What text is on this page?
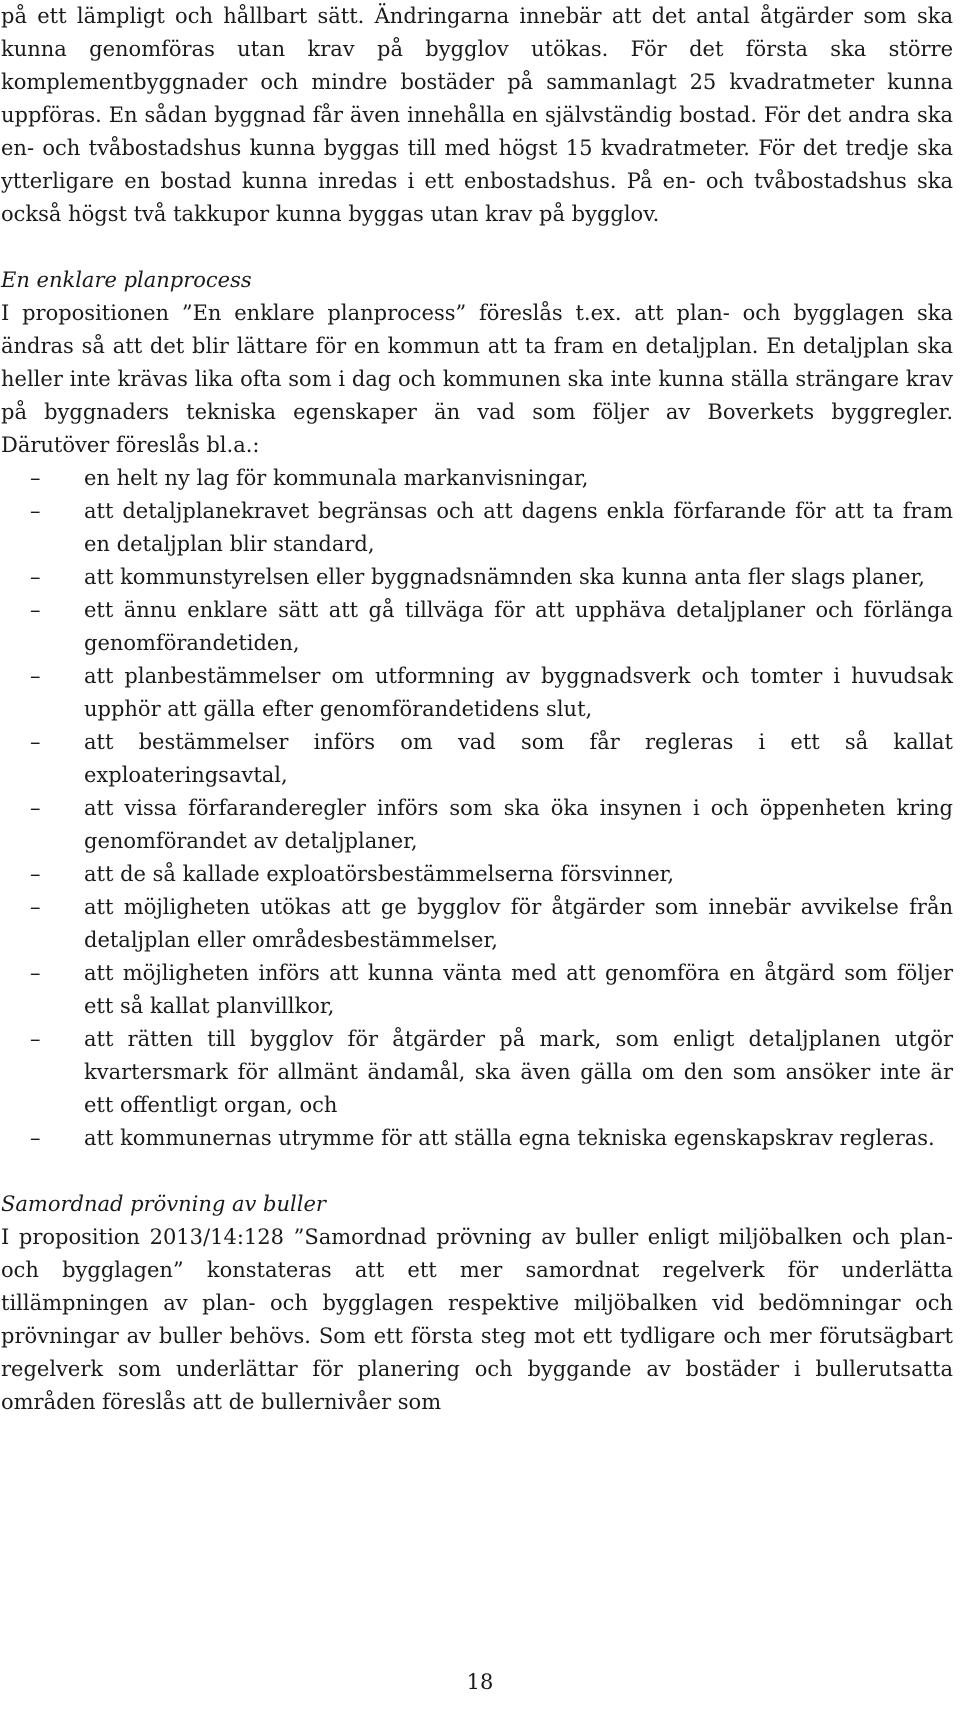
på ett lämpligt och hållbart sätt. Ändringarna innebär att det antal åtgärder som ska kunna genomföras utan krav på bygglov utökas. För det första ska större komplementbyggnader och mindre bostäder på sammanlagt 25 kvadratmeter kunna uppföras. En sådan byggnad får även innehålla en självständig bostad. För det andra ska en- och tvåbostadshus kunna byggas till med högst 15 kvadratmeter. För det tredje ska ytterligare en bostad kunna inredas i ett enbostadshus. På en- och tvåbostadshus ska också högst två takkupor kunna byggas utan krav på bygglov.

En enklare planprocess

I propositionen ”En enklare planprocess” föreslås t.ex. att plan- och bygglagen ska ändras så att det blir lättare för en kommun att ta fram en detaljplan. En detaljplan ska heller inte krävas lika ofta som i dag och kommunen ska inte kunna ställa strängare krav på byggnaders tekniska egenskaper än vad som följer av Boverkets byggregler. Därutöver föreslås bl.a.:

– en helt ny lag för kommunala markanvisningar,
– att detaljplanekravet begränsas och att dagens enkla förfarande för att ta fram en detaljplan blir standard,
– att kommunstyrelsen eller byggnadsnämnden ska kunna anta fler slags planer,
– ett ännu enklare sätt att gå tillväga för att upphäva detaljplaner och förlänga genomförandetiden,
– att planbestämmelser om utformning av byggnadsverk och tomter i huvudsak upphör att gälla efter genomförandetidens slut,
– att bestämmelser införs om vad som får regleras i ett så kallat exploateringsavtal,
– att vissa förfaranderegler införs som ska öka insynen i och öppenheten kring genomförandet av detaljplaner,
– att de så kallade exploatörsbestämmelserna försvinner,
– att möjligheten utökas att ge bygglov för åtgärder som innebär avvikelse från detaljplan eller områdesbestämmelser,
– att möjligheten införs att kunna vänta med att genomföra en åtgärd som följer ett så kallat planvillkor,
– att rätten till bygglov för åtgärder på mark, som enligt detaljplanen utgör kvartersmark för allmänt ändamål, ska även gälla om den som ansöker inte är ett offentligt organ, och
– att kommunernas utrymme för att ställa egna tekniska egenskapskrav regleras.
Samordnad prövning av buller

I proposition 2013/14:128 ”Samordnad prövning av buller enligt miljöbalken och plan- och bygglagen” konstateras att ett mer samordnat regelverk för underlätta tillämpningen av plan- och bygglagen respektive miljöbalken vid bedömningar och prövningar av buller behövs. Som ett första steg mot ett tydligare och mer förutsägbart regelverk som underlättar för planering och byggande av bostäder i bullerutsatta områden föreslås att de bullernivåer som

18
